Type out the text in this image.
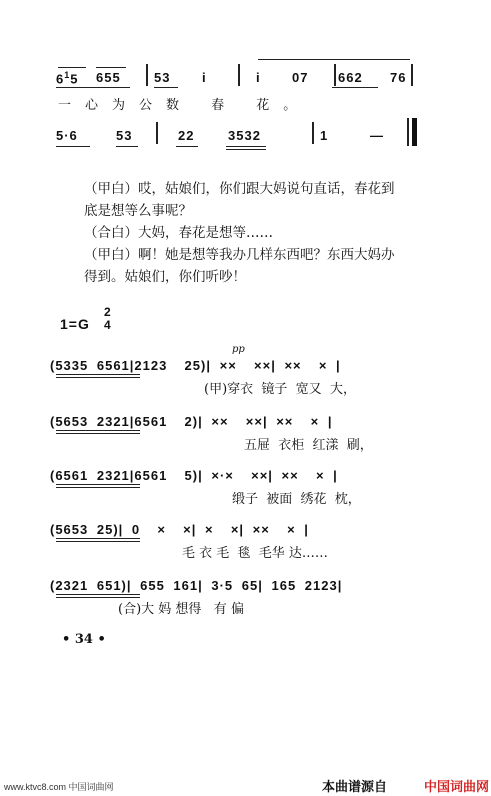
$6^15$ 655	53 i	i 07 662 76
一心为公数 春 花。
5·6	53	22	3532	1	—
（甲白）哎，姑娘们，你们跟大妈说句直话，春花到
底是想等么事呢？
（合白）大妈，春花是想等……
（甲白）啊！她是想等我办几样东西吧？东西大妈办
得到。姑娘们，你们听吵！
1=G
2
4
pp
(5335 6561|2123  25)| ××  ××| ××  × |
(甲)穿衣  镜子  宽又  大，
(5653 2321|6561  2)| ××  ××| ××  × |
五屉  衣柜  红漾  刷，
(6561 2321|6561  5)| ×·×  ××| ××  × |
缎子  被面  绣花  枕，
(5653 25)| 0  ×  ×| ×  ×| ××  × |
毛 衣 毛  毯  毛华 达……
(2321 651)| 655 161| 3·5 65| 165 2123|
(合)大 妈 想得   有 偏
• 34 •
www.ktvc8.com 中国词曲网	本曲谱源自	中国词曲网
